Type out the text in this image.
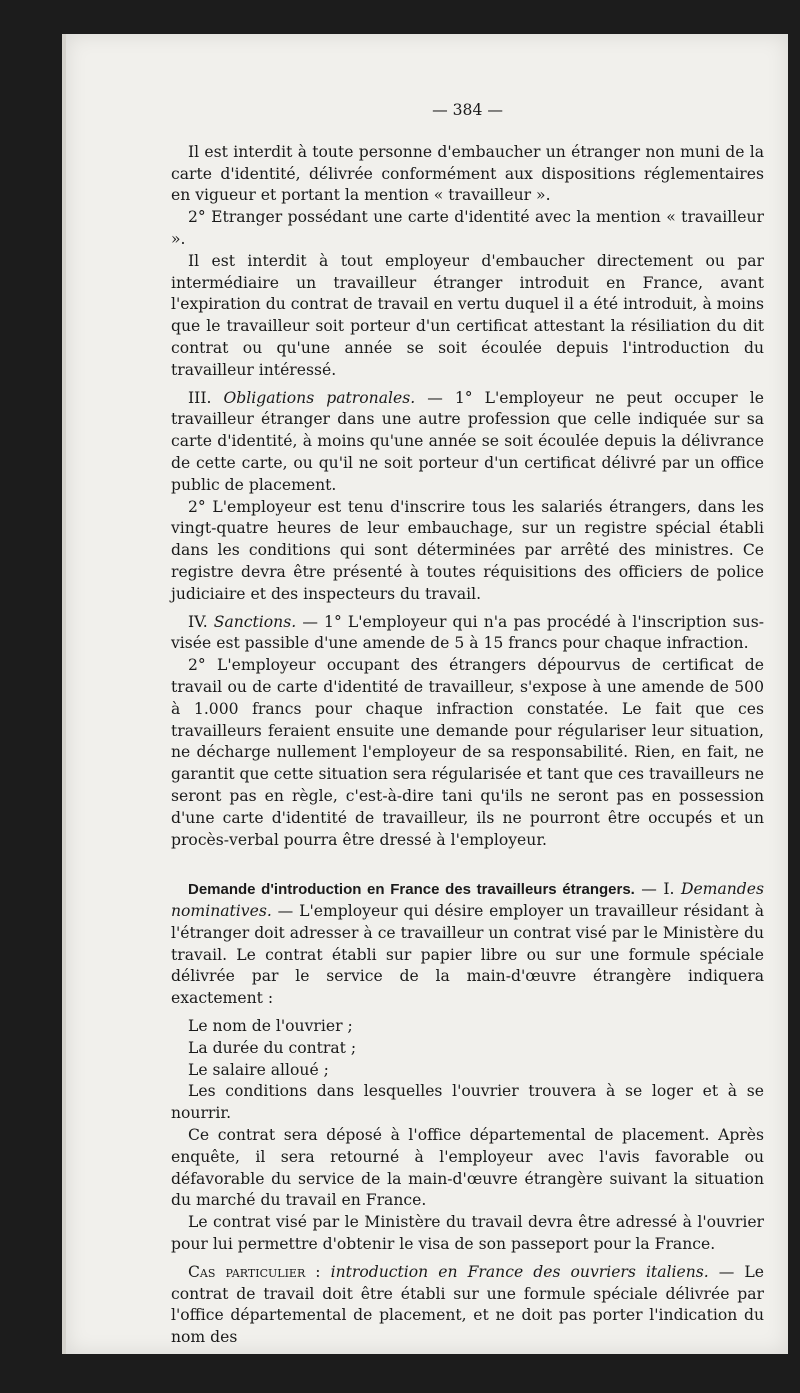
— 384 —

Il est interdit à toute personne d'embaucher un étranger non muni de la carte d'identité, délivrée conformément aux dispositions réglementaires en vigueur et portant la mention « travailleur ».

2° Etranger possédant une carte d'identité avec la mention « travailleur ».

Il est interdit à tout employeur d'embaucher directement ou par intermédiaire un travailleur étranger introduit en France, avant l'expiration du contrat de travail en vertu duquel il a été introduit, à moins que le travailleur soit porteur d'un certificat attestant la résiliation du dit contrat ou qu'une année se soit écoulée depuis l'introduction du travailleur intéressé.

III. Obligations patronales. — 1° L'employeur ne peut occuper le travailleur étranger dans une autre profession que celle indiquée sur sa carte d'identité, à moins qu'une année se soit écoulée depuis la délivrance de cette carte, ou qu'il ne soit porteur d'un certificat délivré par un office public de placement.

2° L'employeur est tenu d'inscrire tous les salariés étrangers, dans les vingt-quatre heures de leur embauchage, sur un registre spécial établi dans les conditions qui sont déterminées par arrêté des ministres. Ce registre devra être présenté à toutes réquisitions des officiers de police judiciaire et des inspecteurs du travail.

IV. Sanctions. — 1° L'employeur qui n'a pas procédé à l'inscription sus-visée est passible d'une amende de 5 à 15 francs pour chaque infraction.

2° L'employeur occupant des étrangers dépourvus de certificat de travail ou de carte d'identité de travailleur, s'expose à une amende de 500 à 1.000 francs pour chaque infraction constatée. Le fait que ces travailleurs feraient ensuite une demande pour régulariser leur situation, ne décharge nullement l'employeur de sa responsabilité. Rien, en fait, ne garantit que cette situation sera régularisée et tant que ces travailleurs ne seront pas en règle, c'est-à-dire tani qu'ils ne seront pas en possession d'une carte d'identité de travailleur, ils ne pourront être occupés et un procès-verbal pourra être dressé à l'employeur.

Demande d'introduction en France des travailleurs étrangers. — I. Demandes nominatives. — L'employeur qui désire employer un travailleur résidant à l'étranger doit adresser à ce travailleur un contrat visé par le Ministère du travail. Le contrat établi sur papier libre ou sur une formule spéciale délivrée par le service de la main-d'œuvre étrangère indiquera exactement :

Le nom de l'ouvrier ;

La durée du contrat ;

Le salaire alloué ;

Les conditions dans lesquelles l'ouvrier trouvera à se loger et à se nourrir.

Ce contrat sera déposé à l'office départemental de placement. Après enquête, il sera retourné à l'employeur avec l'avis favorable ou défavorable du service de la main-d'œuvre étrangère suivant la situation du marché du travail en France.

Le contrat visé par le Ministère du travail devra être adressé à l'ouvrier pour lui permettre d'obtenir le visa de son passeport pour la France.

Cas particulier : introduction en France des ouvriers italiens. — Le contrat de travail doit être établi sur une formule spéciale délivrée par l'office départemental de placement, et ne doit pas porter l'indication du nom des
